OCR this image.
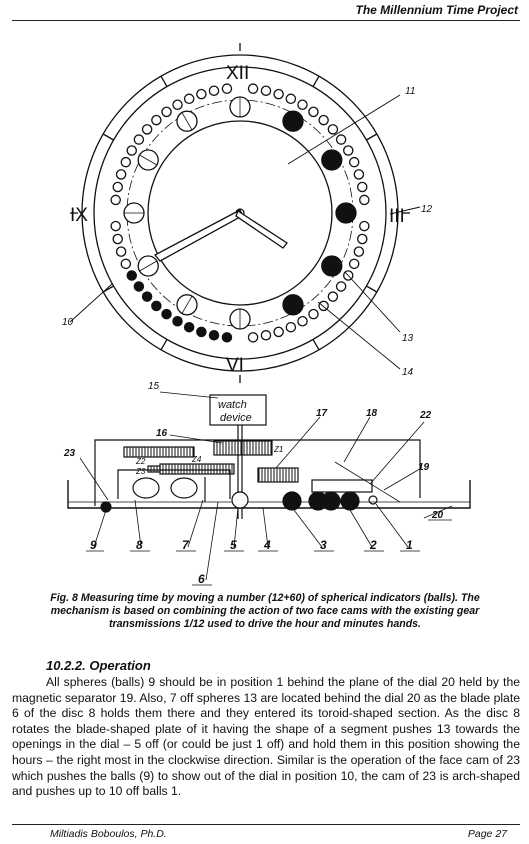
The Millennium Time Project
XII
IX	III
VI
11
12
10
13
14
15
watch
device
16
17	18	22
19
23
20
Z1
Z2
Z3
Z4
9	8	7	5 4	3	2 1
6
Fig. 8 Measuring time by moving a number (12+60) of spherical indicators (balls). The mechanism is based on combining the action of two face cams with the existing gear transmissions 1/12 used to drive the hour and minutes hands.
10.2.2. Operation

All spheres (balls) 9 should be in position 1 behind the plane of the dial 20 held by the magnetic separator 19. Also, 7 off spheres 13 are located behind the dial 20 as the blade plate 6 of the disc 8 holds them there and they entered its toroid-shaped section. As the disc 8 rotates the blade-shaped plate of it having the shape of a segment pushes 13 towards the openings in the dial – 5 off (or could be just 1 off) and hold them in this position showing the hours – the right most in the clockwise direction. Similar is the operation of the face cam of 23 which pushes the balls (9) to show out of the dial in position 10, the cam of 23 is arch-shaped and pushes up to 10 off balls 1.

Miltiadis Boboulos, Ph.D.	Page 27
